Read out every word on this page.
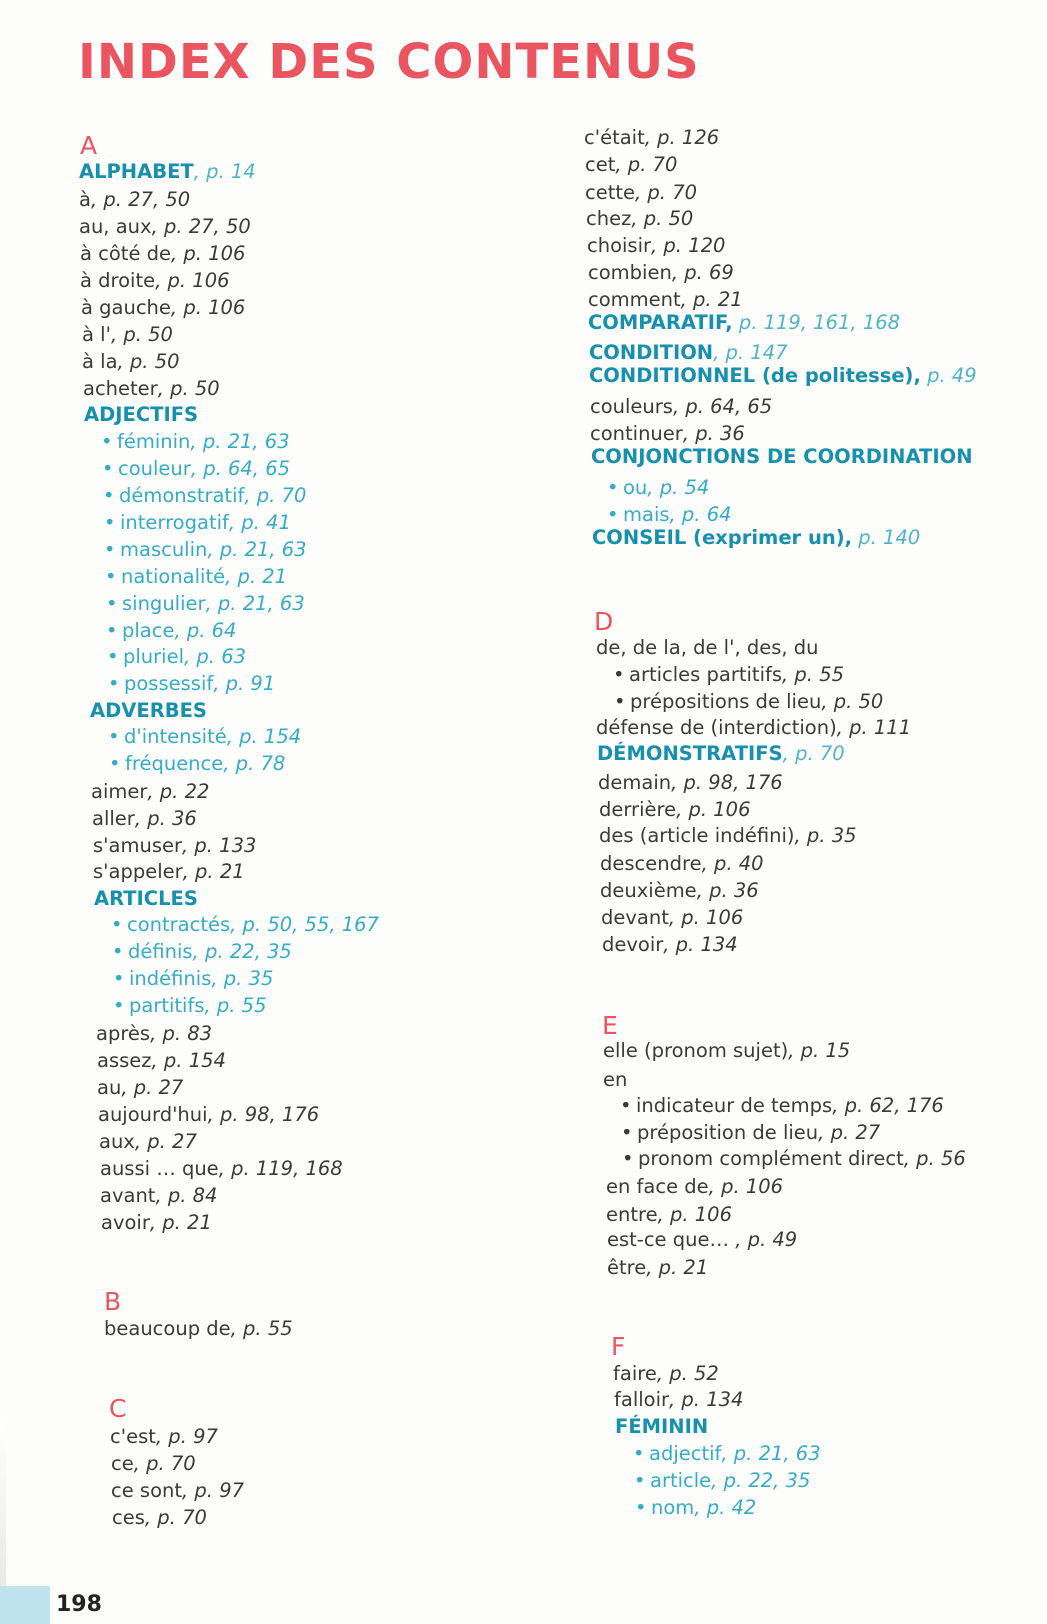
INDEX DES CONTENUS
A
ALPHABET, p. 14
à, p. 27, 50
au, aux, p. 27, 50
à côté de, p. 106
à droite, p. 106
à gauche, p. 106
à l', p. 50
à la, p. 50
acheter, p. 50
ADJECTIFS
• féminin, p. 21, 63
• couleur, p. 64, 65
• démonstratif, p. 70
• interrogatif, p. 41
• masculin, p. 21, 63
• nationalité, p. 21
• singulier, p. 21, 63
• place, p. 64
• pluriel, p. 63
• possessif, p. 91
ADVERBES
• d'intensité, p. 154
• fréquence, p. 78
aimer, p. 22
aller, p. 36
s'amuser, p. 133
s'appeler, p. 21
ARTICLES
• contractés, p. 50, 55, 167
• définis, p. 22, 35
• indéfinis, p. 35
• partitifs, p. 55
après, p. 83
assez, p. 154
au, p. 27
aujourd'hui, p. 98, 176
aux, p. 27
aussi … que, p. 119, 168
avant, p. 84
avoir, p. 21
B
beaucoup de, p. 55
C
c'est, p. 97
ce, p. 70
ce sont, p. 97
ces, p. 70
c'était, p. 126
cet, p. 70
cette, p. 70
chez, p. 50
choisir, p. 120
combien, p. 69
comment, p. 21
COMPARATIF, p. 119, 161, 168
CONDITION, p. 147
CONDITIONNEL (de politesse), p. 49
couleurs, p. 64, 65
continuer, p. 36
CONJONCTIONS DE COORDINATION
• ou, p. 54
• mais, p. 64
CONSEIL (exprimer un), p. 140
D
de, de la, de l', des, du
• articles partitifs, p. 55
• prépositions de lieu, p. 50
défense de (interdiction), p. 111
DÉMONSTRATIFS, p. 70
demain, p. 98, 176
derrière, p. 106
des (article indéfini), p. 35
descendre, p. 40
deuxième, p. 36
devant, p. 106
devoir, p. 134
E
elle (pronom sujet), p. 15
en
• indicateur de temps, p. 62, 176
• préposition de lieu, p. 27
• pronom complément direct, p. 56
en face de, p. 106
entre, p. 106
est-ce que… , p. 49
être, p. 21
F
faire, p. 52
falloir, p. 134
FÉMININ
• adjectif, p. 21, 63
• article, p. 22, 35
• nom, p. 42
198
